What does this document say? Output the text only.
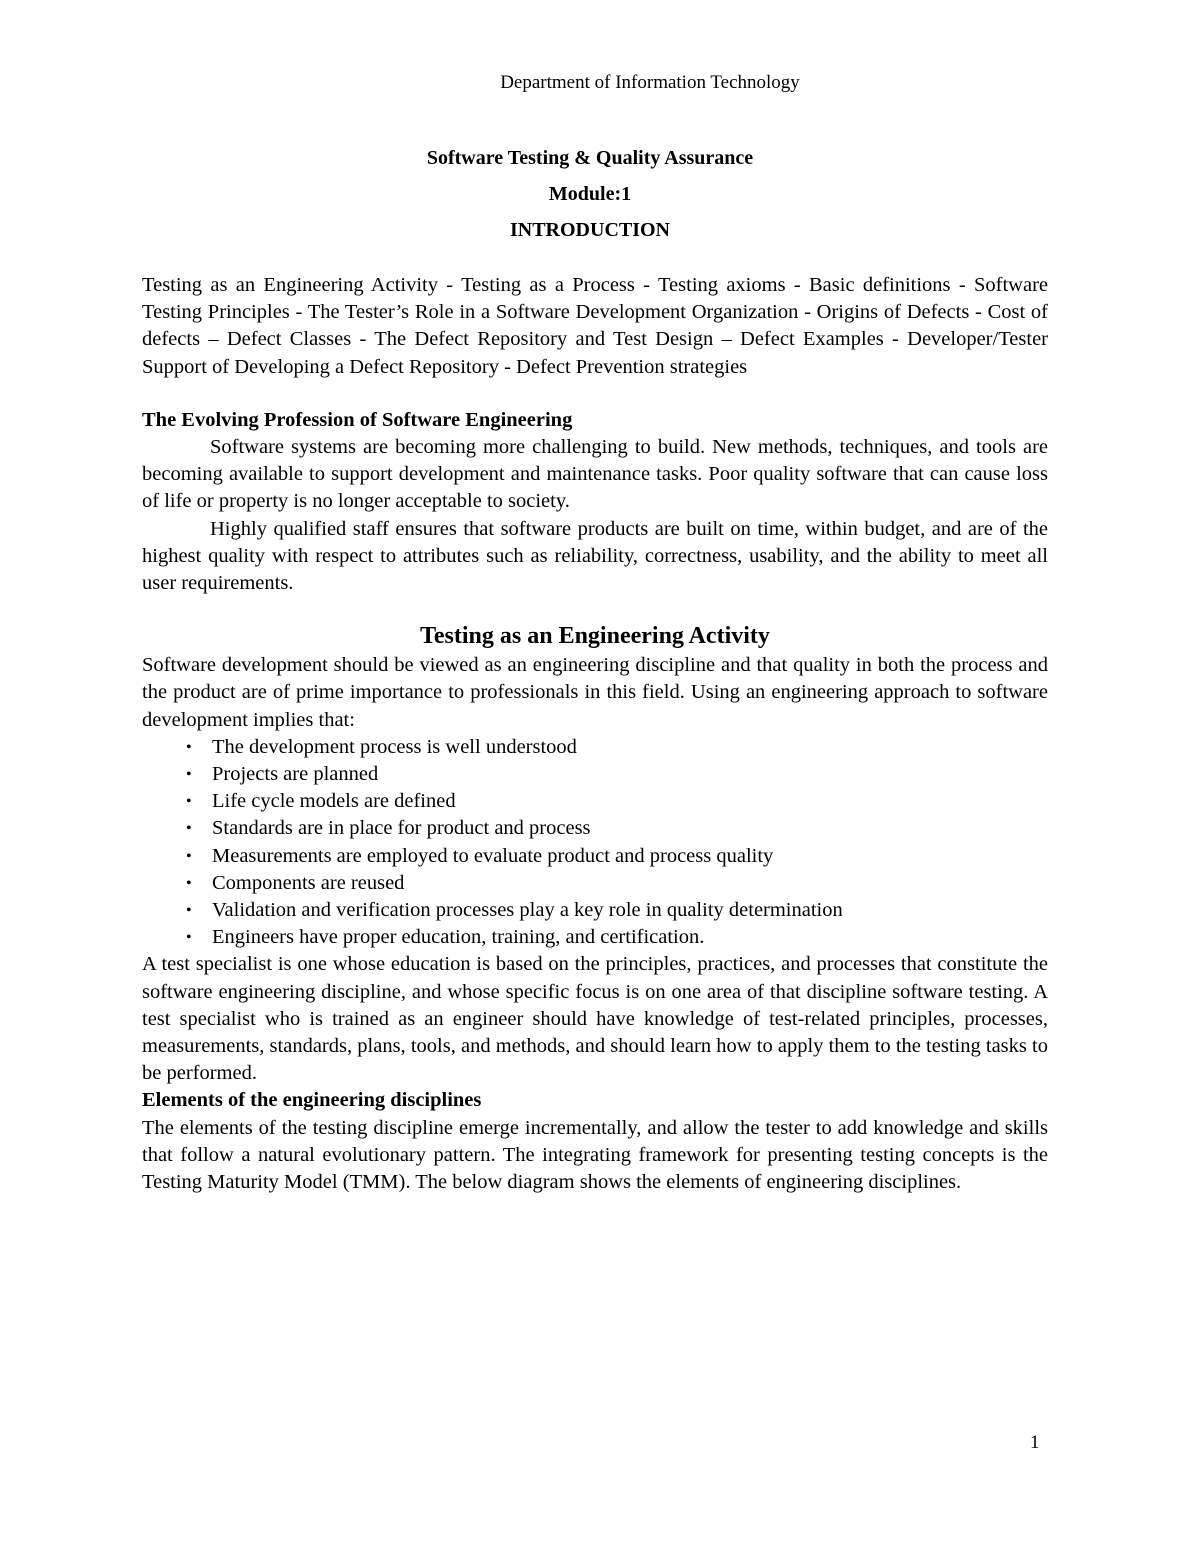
Department of Information Technology
Software Testing & Quality Assurance
Module:1
INTRODUCTION

Testing as an Engineering Activity - Testing as a Process - Testing axioms - Basic definitions - Software Testing Principles - The Tester’s Role in a Software Development Organization - Origins of Defects - Cost of defects – Defect Classes - The Defect Repository and Test Design – Defect Examples - Developer/Tester Support of Developing a Defect Repository - Defect Prevention strategies

The Evolving Profession of Software Engineering

Software systems are becoming more challenging to build. New methods, techniques, and tools are becoming available to support development and maintenance tasks. Poor quality software that can cause loss of life or property is no longer acceptable to society.

Highly qualified staff ensures that software products are built on time, within budget, and are of the highest quality with respect to attributes such as reliability, correctness, usability, and the ability to meet all user requirements.

Testing as an Engineering Activity

Software development should be viewed as an engineering discipline and that quality in both the process and the product are of prime importance to professionals in this field. Using an engineering approach to software development implies that:

• The development process is well understood
• Projects are planned
• Life cycle models are defined
• Standards are in place for product and process
• Measurements are employed to evaluate product and process quality
• Components are reused
• Validation and verification processes play a key role in quality determination
• Engineers have proper education, training, and certification.

A test specialist is one whose education is based on the principles, practices, and processes that constitute the software engineering discipline, and whose specific focus is on one area of that discipline software testing. A test specialist who is trained as an engineer should have knowledge of test-related principles, processes, measurements, standards, plans, tools, and methods, and should learn how to apply them to the testing tasks to be performed.

Elements of the engineering disciplines

The elements of the testing discipline emerge incrementally, and allow the tester to add knowledge and skills that follow a natural evolutionary pattern. The integrating framework for presenting testing concepts is the Testing Maturity Model (TMM). The below diagram shows the elements of engineering disciplines.

1
